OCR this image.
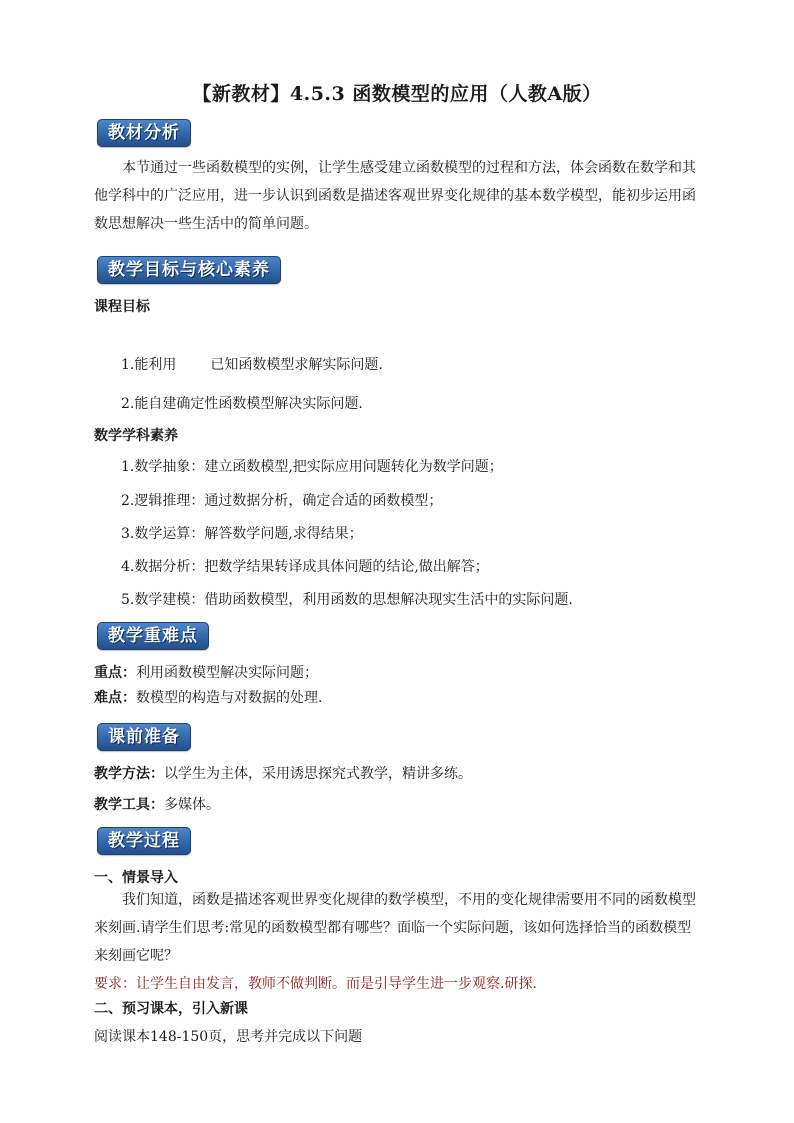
【新教材】4.5.3 函数模型的应用（人教A版）
教材分析
本节通过一些函数模型的实例，让学生感受建立函数模型的过程和方法，体会函数在数学和其他学科中的广泛应用，进一步认识到函数是描述客观世界变化规律的基本数学模型，能初步运用函数思想解决一些生活中的简单问题。
教学目标与核心素养
课程目标
1.能利用 已知函数模型求解实际问题.
2.能自建确定性函数模型解决实际问题.
数学学科素养
1.数学抽象：建立函数模型,把实际应用问题转化为数学问题；
2.逻辑推理：通过数据分析，确定合适的函数模型；
3.数学运算：解答数学问题,求得结果；
4.数据分析：把数学结果转译成具体问题的结论,做出解答；
5.数学建模：借助函数模型，利用函数的思想解决现实生活中的实际问题.
教学重难点
重点：利用函数模型解决实际问题；
难点：数模型的构造与对数据的处理.
课前准备
教学方法：以学生为主体，采用诱思探究式教学，精讲多练。
教学工具：多媒体。
教学过程
一、情景导入
我们知道，函数是描述客观世界变化规律的数学模型，不用的变化规律需要用不同的函数模型来刻画.请学生们思考:常见的函数模型都有哪些？面临一个实际问题，该如何选择恰当的函数模型来刻画它呢？
要求：让学生自由发言，教师不做判断。而是引导学生进一步观察.研探.
二、预习课本，引入新课
阅读课本148-150页，思考并完成以下问题
